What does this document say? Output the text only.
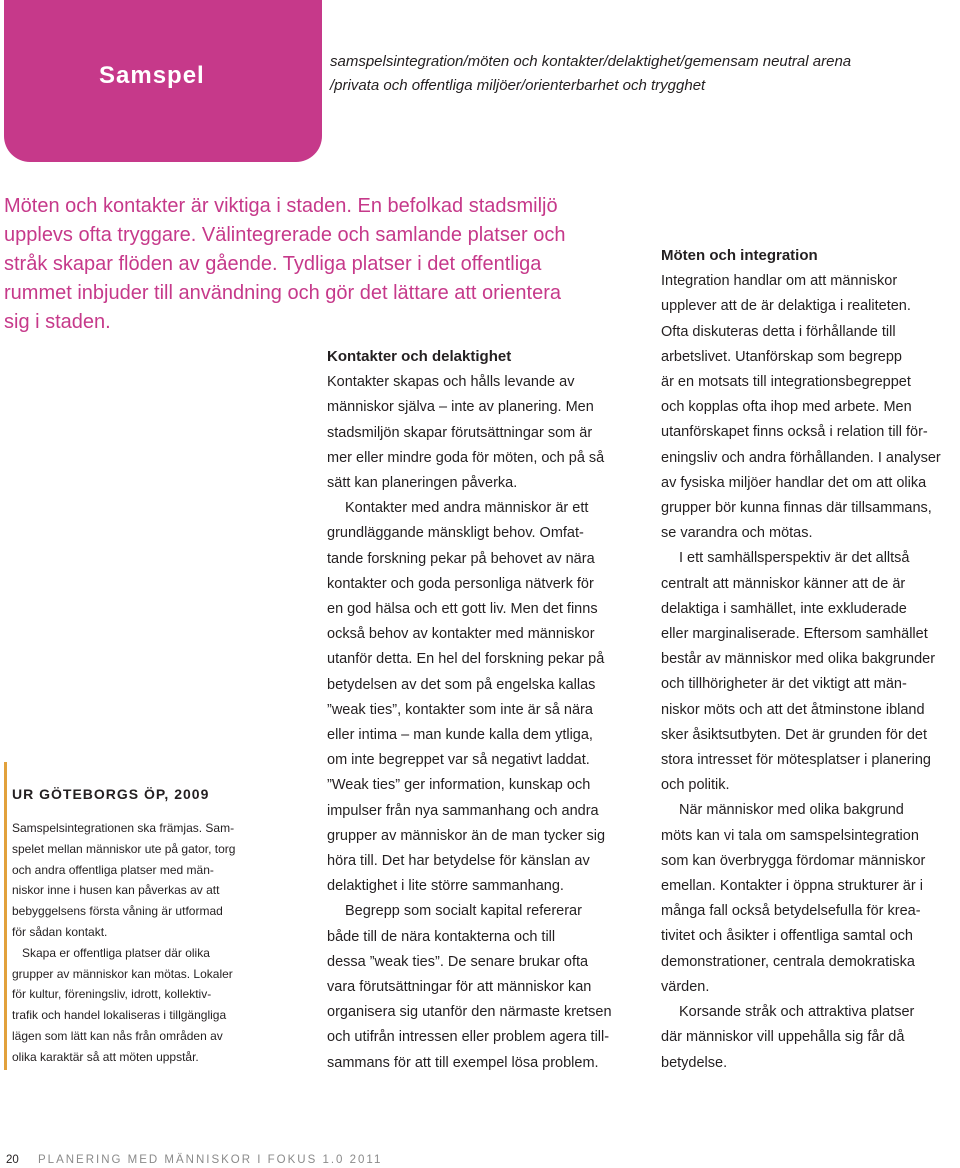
Samspel
samspelsintegration/möten och kontakter/delaktighet/gemensam neutral arena
/privata och offentliga miljöer/orienterbarhet och trygghet
Möten och kontakter är viktiga i staden. En befolkad stadsmiljö
upplevs ofta tryggare. Välintegrerade och samlande platser och
stråk skapar flöden av gående. Tydliga platser i det offentliga
rummet inbjuder till användning och gör det lättare att orientera
sig i staden.
UR GÖTEBORGS ÖP, 2009
Samspelsintegrationen ska främjas. Sam-
spelet mellan människor ute på gator, torg
och andra offentliga platser med män-
niskor inne i husen kan påverkas av att
bebyggelsens första våning är utformad
för sådan kontakt.
Skapa er offentliga platser där olika
grupper av människor kan mötas. Lokaler
för kultur, föreningsliv, idrott, kollektiv-
trafik och handel lokaliseras i tillgängliga
lägen som lätt kan nås från områden av
olika karaktär så att möten uppstår.
Kontakter och delaktighet
Kontakter skapas och hålls levande av
människor själva – inte av planering. Men
stadsmiljön skapar förutsättningar som är
mer eller mindre goda för möten, och på så
sätt kan planeringen påverka.
Kontakter med andra människor är ett
grundläggande mänskligt behov. Omfat-
tande forskning pekar på behovet av nära
kontakter och goda personliga nätverk för
en god hälsa och ett gott liv. Men det finns
också behov av kontakter med människor
utanför detta. En hel del forskning pekar på
betydelsen av det som på engelska kallas
”weak ties”, kontakter som inte är så nära
eller intima – man kunde kalla dem ytliga,
om inte begreppet var så negativt laddat.
”Weak ties” ger information, kunskap och
impulser från nya sammanhang och andra
grupper av människor än de man tycker sig
höra till. Det har betydelse för känslan av
delaktighet i lite större sammanhang.
Begrepp som socialt kapital refererar
både till de nära kontakterna och till
dessa ”weak ties”. De senare brukar ofta
vara förutsättningar för att människor kan
organisera sig utanför den närmaste kretsen
och utifrån intressen eller problem agera till-
sammans för att till exempel lösa problem.
Möten och integration
Integration handlar om att människor
upplever att de är delaktiga i realiteten.
Ofta diskuteras detta i förhållande till
arbetslivet. Utanförskap som begrepp
är en motsats till integrationsbegreppet
och kopplas ofta ihop med arbete. Men
utanförskapet finns också i relation till för-
eningsliv och andra förhållanden. I analyser
av fysiska miljöer handlar det om att olika
grupper bör kunna finnas där tillsammans,
se varandra och mötas.
I ett samhällsperspektiv är det alltså
centralt att människor känner att de är
delaktiga i samhället, inte exkluderade
eller marginaliserade. Eftersom samhället
består av människor med olika bakgrunder
och tillhörigheter är det viktigt att män-
niskor möts och att det åtminstone ibland
sker åsiktsutbyten. Det är grunden för det
stora intresset för mötesplatser i planering
och politik.
När människor med olika bakgrund
möts kan vi tala om samspelsintegration
som kan överbrygga fördomar människor
emellan. Kontakter i öppna strukturer är i
många fall också betydelsefulla för krea-
tivitet och åsikter i offentliga samtal och
demonstrationer, centrala demokratiska
värden.
Korsande stråk och attraktiva platser
där människor vill uppehålla sig får då
betydelse.
20 PLANERING MED MÄNNISKOR I FOKUS 1.0 2011
